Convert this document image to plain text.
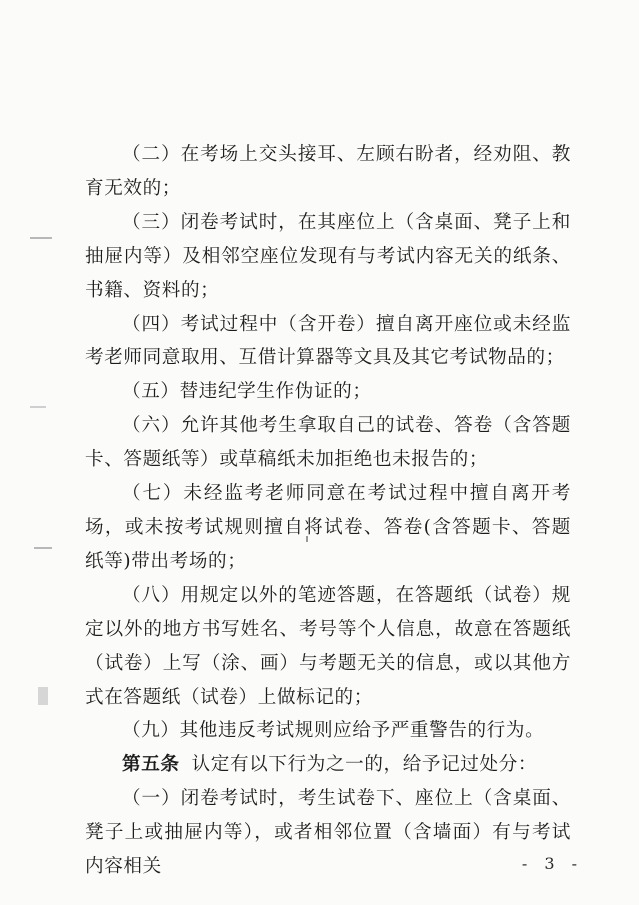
（二）在考场上交头接耳、左顾右盼者，经劝阻、教育无效的；

（三）闭卷考试时，在其座位上（含桌面、凳子上和抽屉内等）及相邻空座位发现有与考试内容无关的纸条、书籍、资料的；

（四）考试过程中（含开卷）擅自离开座位或未经监考老师同意取用、互借计算器等文具及其它考试物品的；

（五）替违纪学生作伪证的；

（六）允许其他考生拿取自己的试卷、答卷（含答题卡、答题纸等）或草稿纸未加拒绝也未报告的；

（七）未经监考老师同意在考试过程中擅自离开考场，或未按考试规则擅自将试卷、答卷(含答题卡、答题纸等)带出考场的；

（八）用规定以外的笔迹答题，在答题纸（试卷）规定以外的地方书写姓名、考号等个人信息，故意在答题纸（试卷）上写（涂、画）与考题无关的信息，或以其他方式在答题纸（试卷）上做标记的；

（九）其他违反考试规则应给予严重警告的行为。

第五条 认定有以下行为之一的，给予记过处分：

（一）闭卷考试时，考生试卷下、座位上（含桌面、凳子上或抽屉内等），或者相邻位置（含墙面）有与考试内容相关	- 3 -
